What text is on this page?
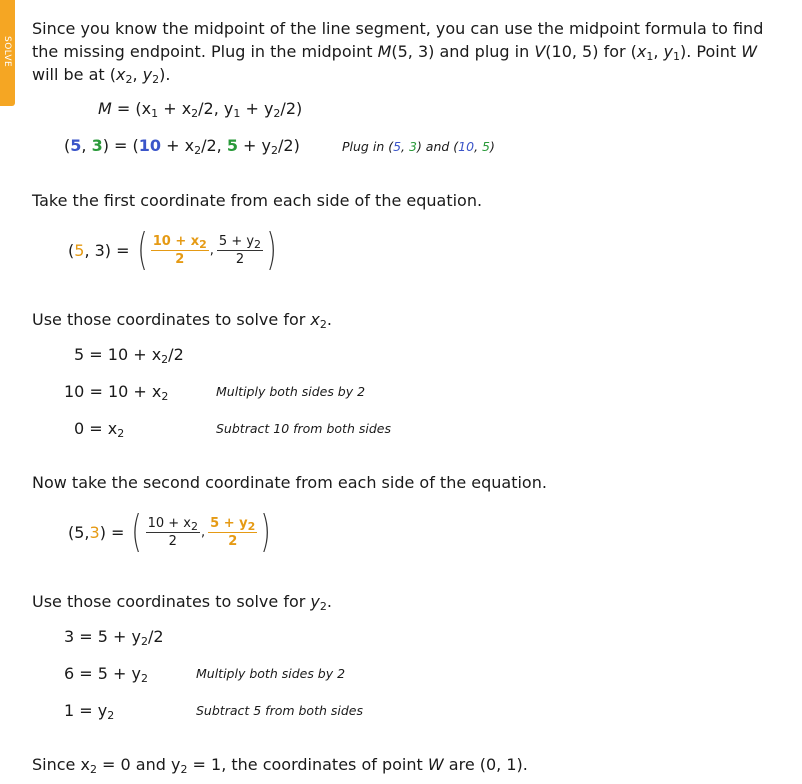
SOLVE
Since you know the midpoint of the line segment, you can use the midpoint formula to find the missing endpoint. Plug in the midpoint M(5, 3) and plug in V(10, 5) for ($x_1$, $y_1$). Point W will be at ($x_2$, $y_2$).
$M = (x_1 + x_2/2$, $y_1 + y_2/2$)
(5, $3) = (10 + x_2/2$, $5 + y_2/2$)	Plug in (5, 3) and (10, 5)
Take the first coordinate from each side of the equation.
( 5 , 3) = ( $\frac{10 + x_2}{2}$ , $\frac{5 + y_2}{2}$ )
Use those coordinates to solve for $x_2$.
$5 = 10 + x_2/2$
$10 = 10 + x_2$	Multiply both sides by 2
$0 = x_2$	Subtract 10 from both sides
Now take the second coordinate from each side of the equation.
(5, 3 ) = ( $\frac{10 + x_2}{2}$ , $\frac{5 + y_2}{2}$ )
Use those coordinates to solve for $y_2$.
$3 = 5 + y_2/2$
$6 = 5 + y_2$	Multiply both sides by 2
$1 = y_2$	Subtract 5 from both sides
Since $x_2 = 0$ and $y_2 = 1$, the coordinates of point W are (0, 1).
